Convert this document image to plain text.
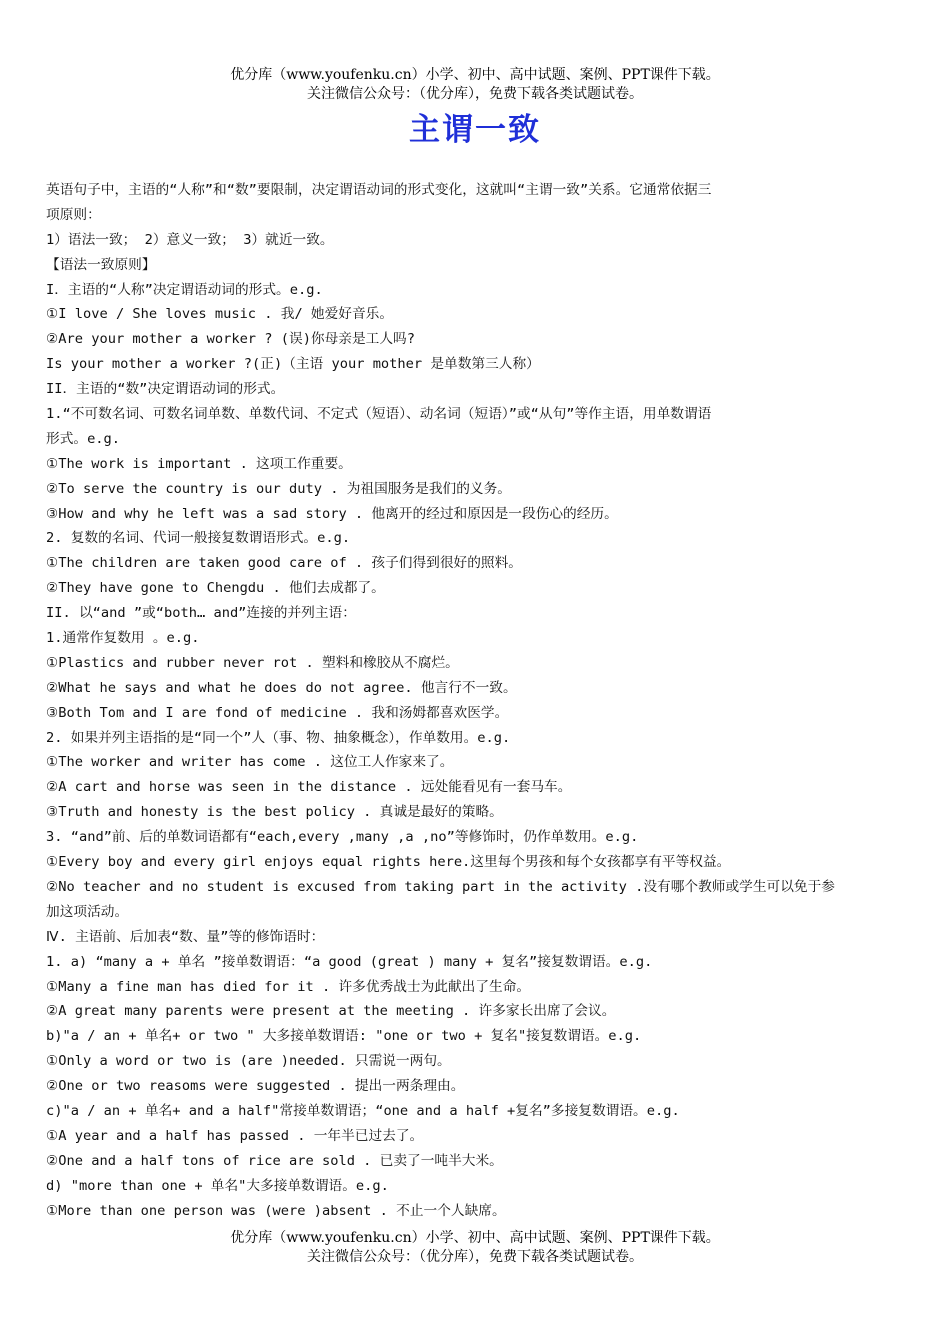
优分库（www.youfenku.cn）小学、初中、高中试题、案例、PPT课件下载。
关注微信公众号：（优分库），免费下载各类试题试卷。
主谓一致

英语句子中，主语的“人称”和“数”要限制，决定谓语动词的形式变化，这就叫“主谓一致”关系。它通常依据三

项原则：

1）语法一致； 2）意义一致； 3）就近一致。

【语法一致原则】

I．主语的“人称”决定谓语动词的形式。e.g.

①I love / She loves music . 我/ 她爱好音乐。

②Are your mother a worker ? (误)你母亲是工人吗?

Is your mother a worker ?(正)（主语 your mother 是单数第三人称）

II．主语的“数”决定谓语动词的形式。

1.“不可数名词、可数名词单数、单数代词、不定式（短语）、动名词（短语）”或“从句”等作主语，用单数谓语

形式。e.g.

①The work is important . 这项工作重要。

②To serve the country is our duty . 为祖国服务是我们的义务。

③How and why he left was a sad story . 他离开的经过和原因是一段伤心的经历。

2. 复数的名词、代词一般接复数谓语形式。e.g.

①The children are taken good care of . 孩子们得到很好的照料。

②They have gone to Chengdu . 他们去成都了。

II. 以“and ”或“both… and”连接的并列主语：

1.通常作复数用 。e.g.

①Plastics and rubber never rot . 塑料和橡胶从不腐烂。

②What he says and what he does do not agree. 他言行不一致。

③Both Tom and I are fond of medicine . 我和汤姆都喜欢医学。

2. 如果并列主语指的是“同一个”人（事、物、抽象概念），作单数用。e.g.

①The worker and writer has come . 这位工人作家来了。

②A cart and horse was seen in the distance . 远处能看见有一套马车。

③Truth and honesty is the best policy . 真诚是最好的策略。

3. “and”前、后的单数词语都有“each,every ,many ,a ,no”等修饰时，仍作单数用。e.g.

①Every boy and every girl enjoys equal rights here.这里每个男孩和每个女孩都享有平等权益。

②No teacher and no student is excused from taking part in the activity .没有哪个教师或学生可以免于参

加这项活动。

Ⅳ. 主语前、后加表“数、量”等的修饰语时：

1. a) “many a + 单名 ”接单数谓语：“a good (great ) many + 复名”接复数谓语。e.g.

①Many a fine man has died for it . 许多优秀战士为此献出了生命。

②A great many parents were present at the meeting . 许多家长出席了会议。

b)"a / an + 单名+ or two " 大多接单数谓语: "one or two + 复名"接复数谓语。e.g.

①Only a word or two is (are )needed. 只需说一两句。

②One or two reasoms were suggested . 提出一两条理由。

c)"a / an + 单名+ and a half"常接单数谓语；“one and a half +复名”多接复数谓语。e.g.

①A year and a half has passed . 一年半已过去了。

②One and a half tons of rice are sold . 已卖了一吨半大米。

d) "more than one + 单名"大多接单数谓语。e.g.

①More than one person was (were )absent . 不止一个人缺席。

优分库（www.youfenku.cn）小学、初中、高中试题、案例、PPT课件下载。
关注微信公众号：（优分库），免费下载各类试题试卷。
